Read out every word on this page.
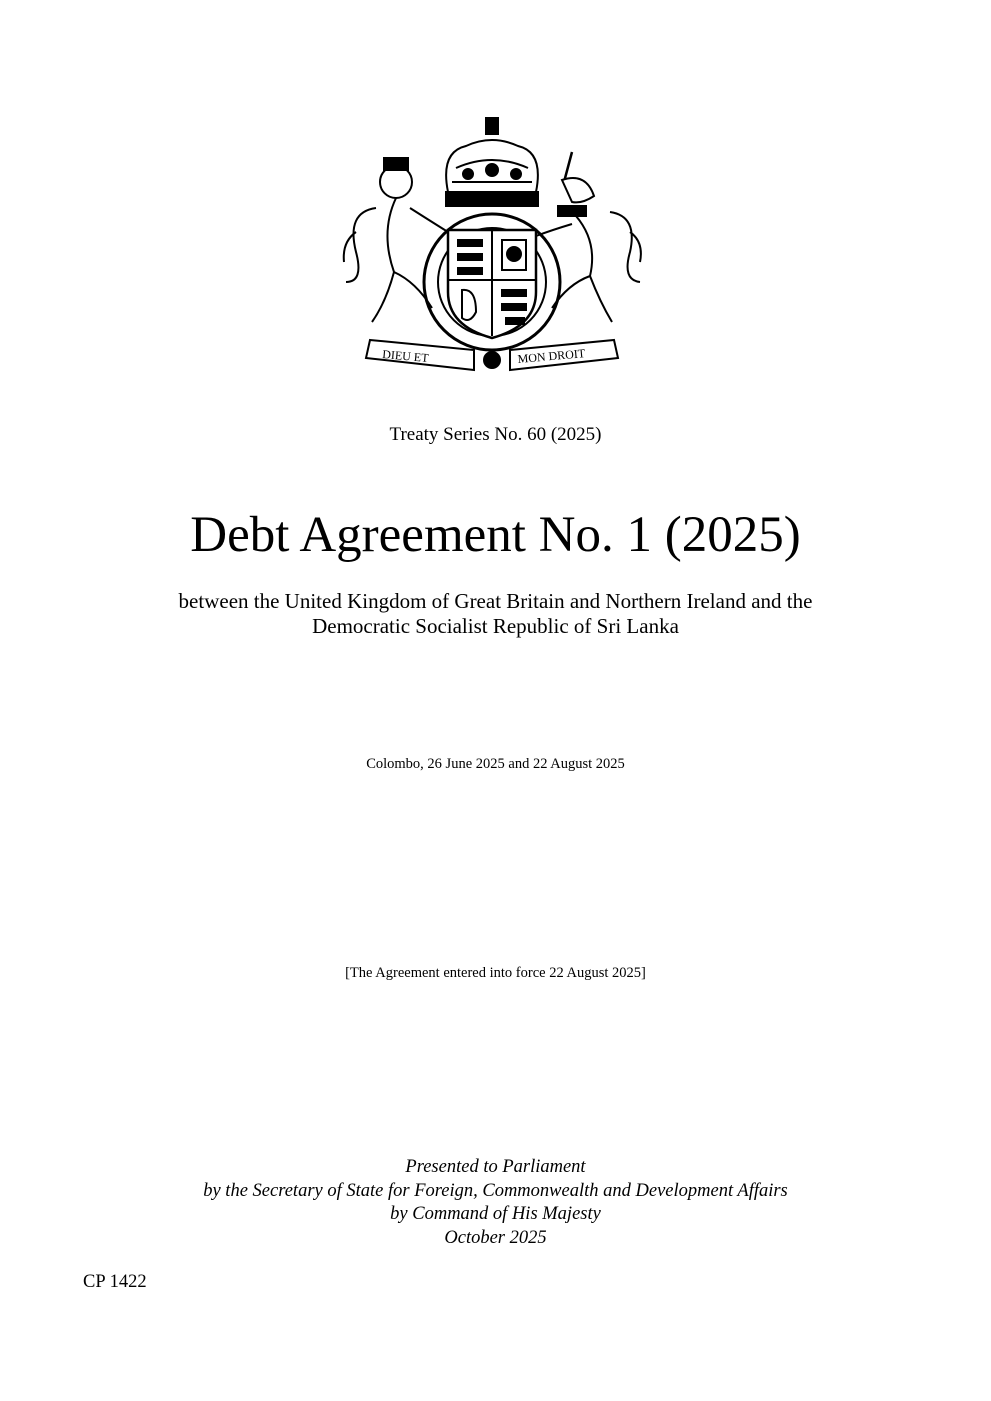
DIEU ET	MON DROIT
Treaty Series No. 60 (2025)
Debt Agreement No. 1 (2025)
between the United Kingdom of Great Britain and Northern Ireland and the
Democratic Socialist Republic of Sri Lanka
Colombo, 26 June 2025 and 22 August 2025
[The Agreement entered into force 22 August 2025]
Presented to Parliament
by the Secretary of State for Foreign, Commonwealth and Development Affairs
by Command of His Majesty
October 2025
CP 1422
